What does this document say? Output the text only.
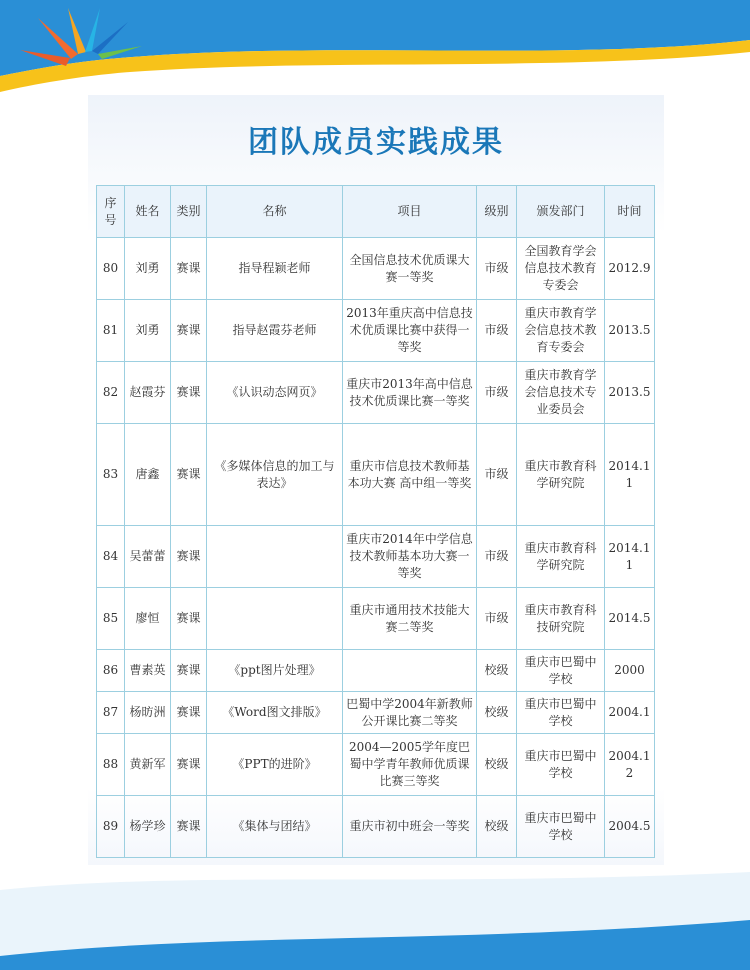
团队成员实践成果
序号	姓名	类别	名称	项目	级别	颁发部门	时间
80	刘勇	赛课	指导程颖老师	全国信息技术优质课大赛一等奖	市级	全国教育学会信息技术教育专委会	2012.9
81	刘勇	赛课	指导赵霞芬老师	2013年重庆高中信息技术优质课比赛中获得一等奖	市级	重庆市教育学会信息技术教育专委会	2013.5
82	赵霞芬	赛课	《认识动态网页》	重庆市2013年高中信息技术优质课比赛一等奖	市级	重庆市教育学会信息技术专业委员会	2013.5
83	唐鑫	赛课	《多媒体信息的加工与表达》	重庆市信息技术教师基本功大赛 高中组一等奖	市级	重庆市教育科学研究院	2014.11
84	吴蕾蕾	赛课		重庆市2014年中学信息技术教师基本功大赛一等奖	市级	重庆市教育科学研究院	2014.11
85	廖恒	赛课		重庆市通用技术技能大赛二等奖	市级	重庆市教育科技研究院	2014.5
86	曹素英	赛课	《ppt图片处理》		校级	重庆市巴蜀中学校	2000
87	杨昉洲	赛课	《Word图文排版》	巴蜀中学2004年新教师公开课比赛二等奖	校级	重庆市巴蜀中学校	2004.1
88	黄新军	赛课	《PPT的进阶》	2004—2005学年度巴蜀中学青年教师优质课比赛三等奖	校级	重庆市巴蜀中学校	2004.12
89	杨学珍	赛课	《集体与团结》	重庆市初中班会一等奖	校级	重庆市巴蜀中学校	2004.5
